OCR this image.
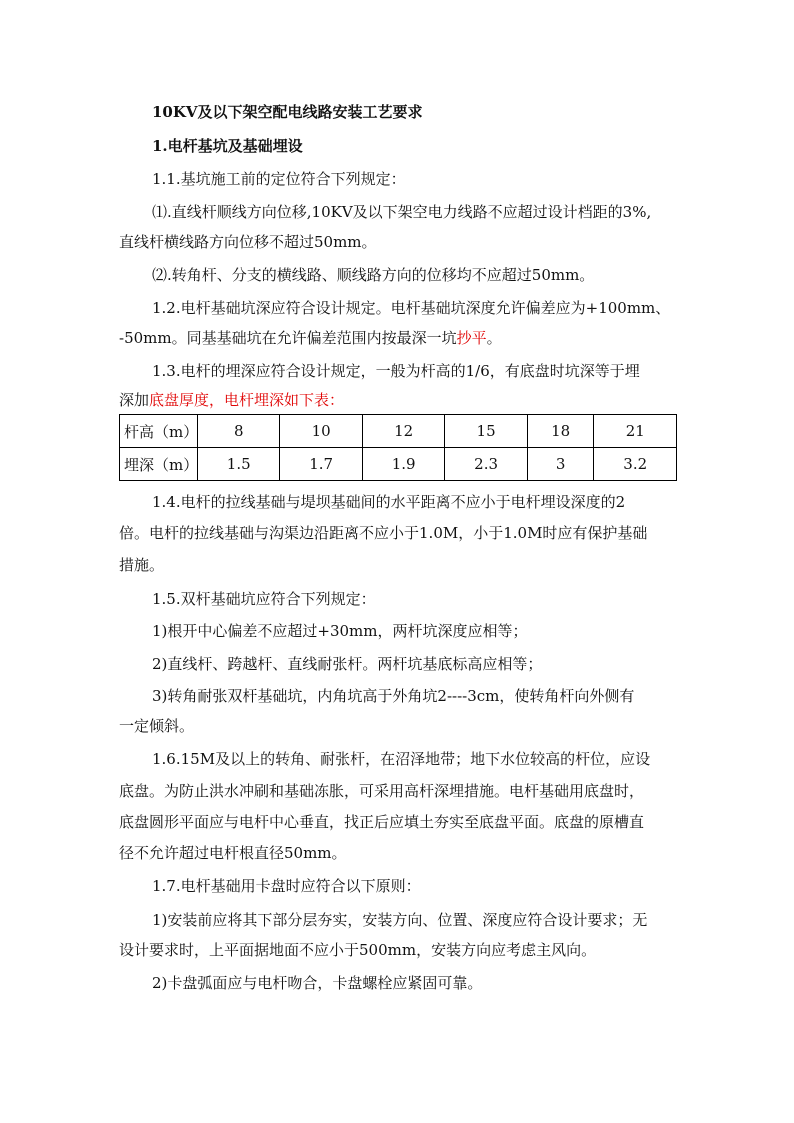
10KV及以下架空配电线路安装工艺要求
1.电杆基坑及基础埋设
1.1.基坑施工前的定位符合下列规定：
⑴.直线杆顺线方向位移,10KV及以下架空电力线路不应超过设计档距的3%,
直线杆横线路方向位移不超过50mm。
⑵.转角杆、分支的横线路、顺线路方向的位移均不应超过50mm。
1.2.电杆基础坑深应符合设计规定。电杆基础坑深度允许偏差应为+100mm、
-50mm。同基基础坑在允许偏差范围内按最深一坑抄平。
1.3.电杆的埋深应符合设计规定，一般为杆高的1/6，有底盘时坑深等于埋
深加底盘厚度，电杆埋深如下表：
杆高（m）	8	10	12	15	18	21
埋深（m）	1.5	1.7	1.9	2.3	3	3.2
1.4.电杆的拉线基础与堤坝基础间的水平距离不应小于电杆埋设深度的2
倍。电杆的拉线基础与沟渠边沿距离不应小于1.0M，小于1.0M时应有保护基础
措施。
1.5.双杆基础坑应符合下列规定：
1)根开中心偏差不应超过+30mm，两杆坑深度应相等；
2)直线杆、跨越杆、直线耐张杆。两杆坑基底标高应相等；
3)转角耐张双杆基础坑，内角坑高于外角坑2----3cm，使转角杆向外侧有
一定倾斜。
1.6.15M及以上的转角、耐张杆，在沼泽地带；地下水位较高的杆位，应设
底盘。为防止洪水冲刷和基础冻胀，可采用高杆深埋措施。电杆基础用底盘时，
底盘圆形平面应与电杆中心垂直，找正后应填土夯实至底盘平面。底盘的原槽直
径不允许超过电杆根直径50mm。
1.7.电杆基础用卡盘时应符合以下原则：
1)安装前应将其下部分层夯实，安装方向、位置、深度应符合设计要求；无
设计要求时，上平面据地面不应小于500mm，安装方向应考虑主风向。
2)卡盘弧面应与电杆吻合，卡盘螺栓应紧固可靠。
